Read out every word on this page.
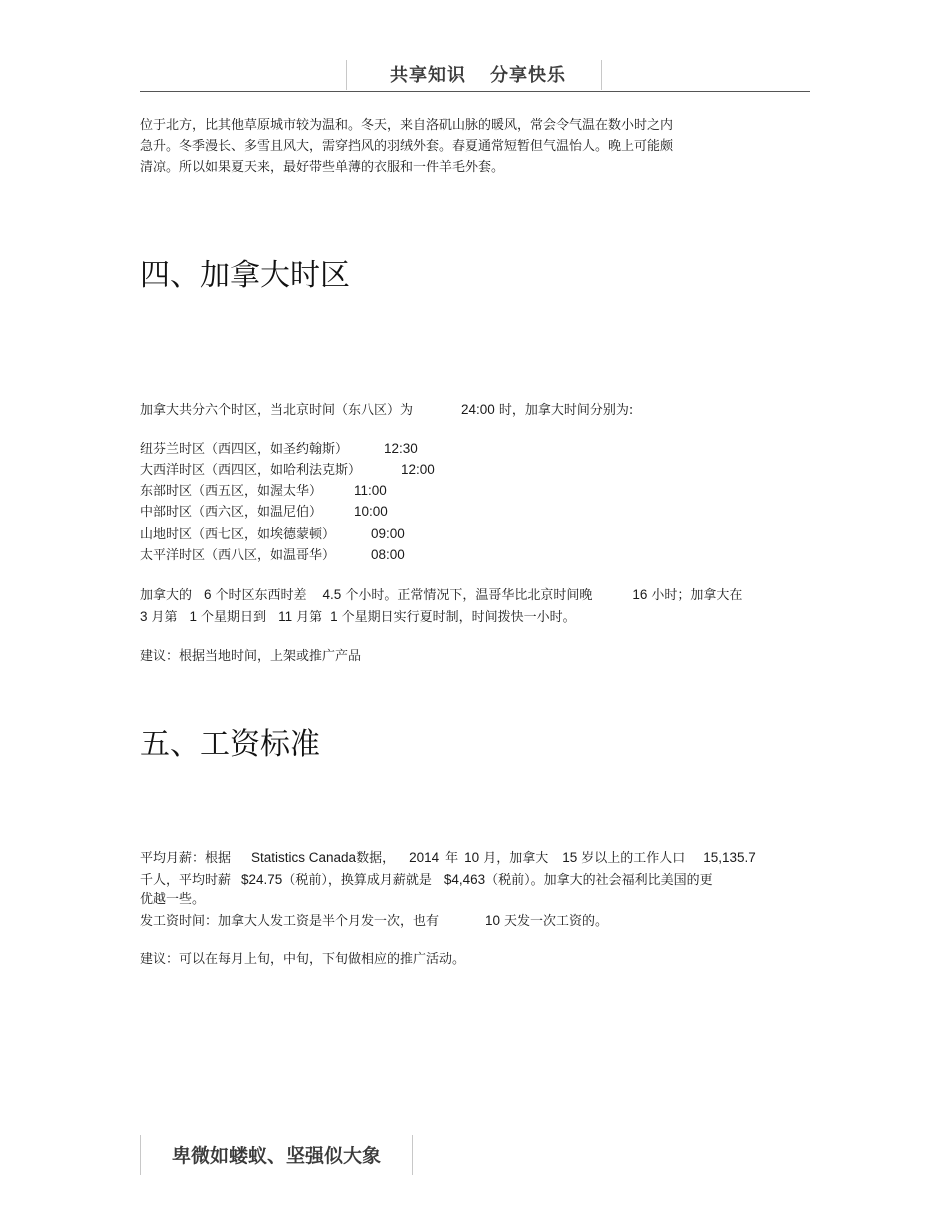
共享知识 分享快乐
位于北方，比其他草原城市较为温和。冬天，来自洛矶山脉的暖风，常会令气温在数小时之内
急升。冬季漫长、多雪且风大，需穿挡风的羽绒外套。春夏通常短暂但气温怡人。晚上可能颇
清凉。所以如果夏天来，最好带些单薄的衣服和一件羊毛外套。
四、加拿大时区
加拿大共分六个时区，当北京时间（东八区）为	24:00 时，加拿大时间分别为:
纽芬兰时区（西四区，如圣约翰斯）	12:30
大西洋时区（西四区，如哈利法克斯）	12:00
东部时区（西五区，如渥太华） 11:00
中部时区（西六区，如温尼伯） 10:00
山地时区（西七区，如埃德蒙顿）	09:00
太平洋时区（西八区，如温哥华）	08:00
加拿大的 6 个时区东西时差 4.5 个小时。正常情况下，温哥华比北京时间晚	16 小时；加拿大在
3 月第 1 个星期日到 11 月第 1 个星期日实行夏时制，时间拨快一小时。
建议：根据当地时间，上架或推广产品
五、工资标准
平均月薪：根据 Statistics Canada数据， 2014 年 10 月，加拿大 15 岁以上的工作人口 15,135.7
千人，平均时薪 $24.75（税前），换算成月薪就是 $4,463（税前）。加拿大的社会福利比美国的更
优越一些。
发工资时间：加拿大人发工资是半个月发一次，也有	10 天发一次工资的。
建议：可以在每月上旬，中旬，下旬做相应的推广活动。
卑微如蝼蚁、坚强似大象
